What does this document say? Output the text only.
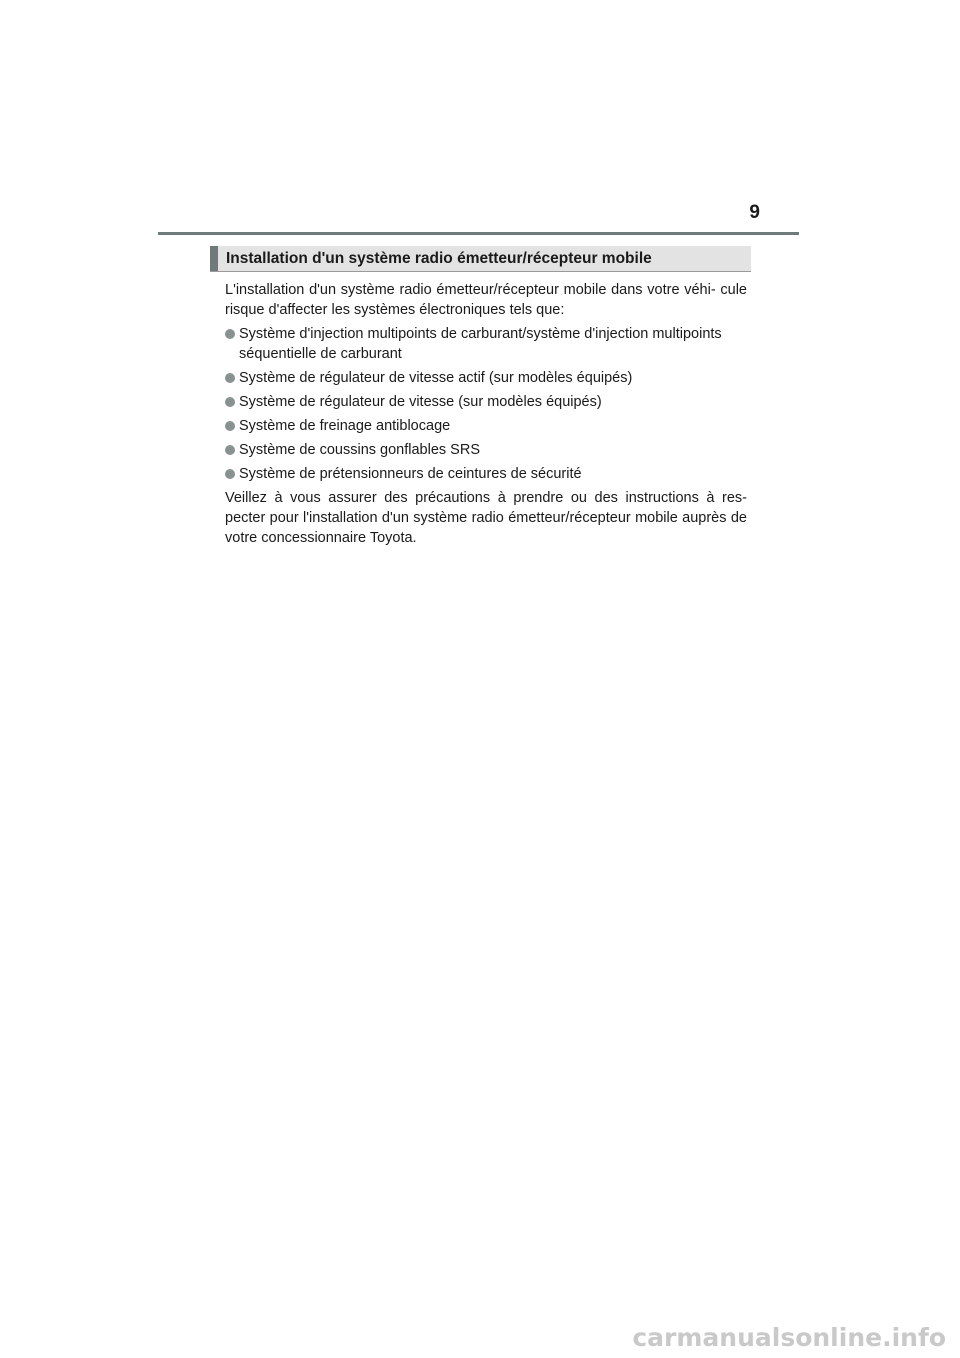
9
Installation d'un système radio émetteur/récepteur mobile

L'installation d'un système radio émetteur/récepteur mobile dans votre véhi- cule risque d'affecter les systèmes électroniques tels que:

Système d'injection multipoints de carburant/système d'injection multipoints séquentielle de carburant
Système de régulateur de vitesse actif (sur modèles équipés)
Système de régulateur de vitesse (sur modèles équipés)
Système de freinage antiblocage
Système de coussins gonflables SRS
Système de prétensionneurs de ceintures de sécurité

Veillez à vous assurer des précautions à prendre ou des instructions à res- pecter pour l'installation d'un système radio émetteur/récepteur mobile auprès de votre concessionnaire Toyota.

carmanualsonline.info
